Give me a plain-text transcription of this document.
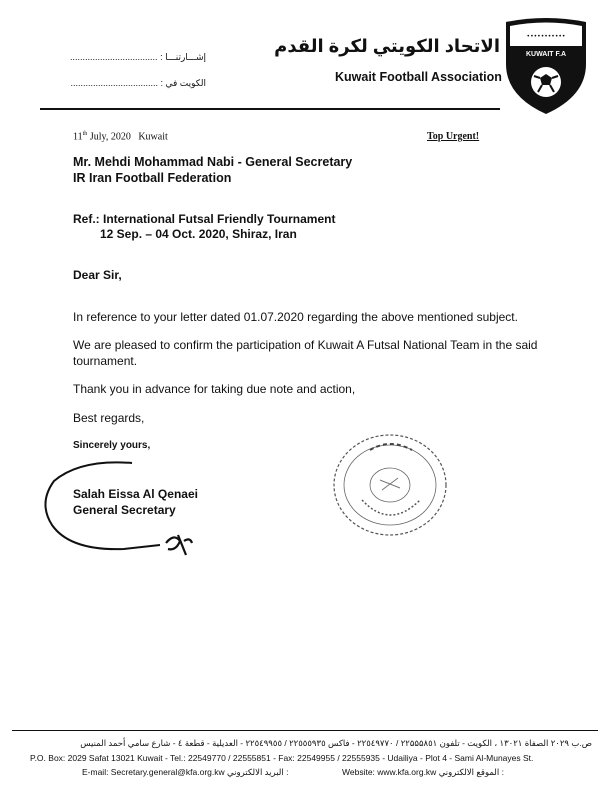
إشـــارتنـــا : ...................................
الكويت في : ...................................
الاتحاد الكويتي لكرة القدم
Kuwait Football Association
•••••••••••
KUWAIT F.A
11th July, 2020   Kuwait	Top Urgent!
Mr. Mehdi Mohammad Nabi - General Secretary
IR Iran Football Federation
Ref.: International Futsal Friendly Tournament
12 Sep. – 04 Oct. 2020, Shiraz, Iran
Dear Sir,
In reference to your letter dated 01.07.2020 regarding the above mentioned subject.
We are pleased to confirm the participation of Kuwait A Futsal National Team in the said tournament.
Thank you in advance for taking due note and action,
Best regards,
Sincerely yours,
Salah Eissa Al Qenaei
General Secretary
ص.ب ۲۰۲۹ الصفاة ۱۳۰۲۱ ، الكويت - تلفون ۲۲۵۵۵۸٥۱ / ۲۲٥٤۹۷۷۰ - فاكس ۲۲٥٥٥۹۳٥ / ۲۲٥٤۹۹٥٥ - العديلية - قطعة ٤ - شارع سامي أحمد المنيس
P.O. Box: 2029 Safat 13021 Kuwait - Tel.: 22549770 / 22555851 - Fax: 22549955 / 22555935 - Udailiya - Plot 4 - Sami Al-Munayes St.
E-mail: Secretary.general@kfa.org.kw : البريد الالكتروني	Website: www.kfa.org.kw : الموقع الالكتروني
